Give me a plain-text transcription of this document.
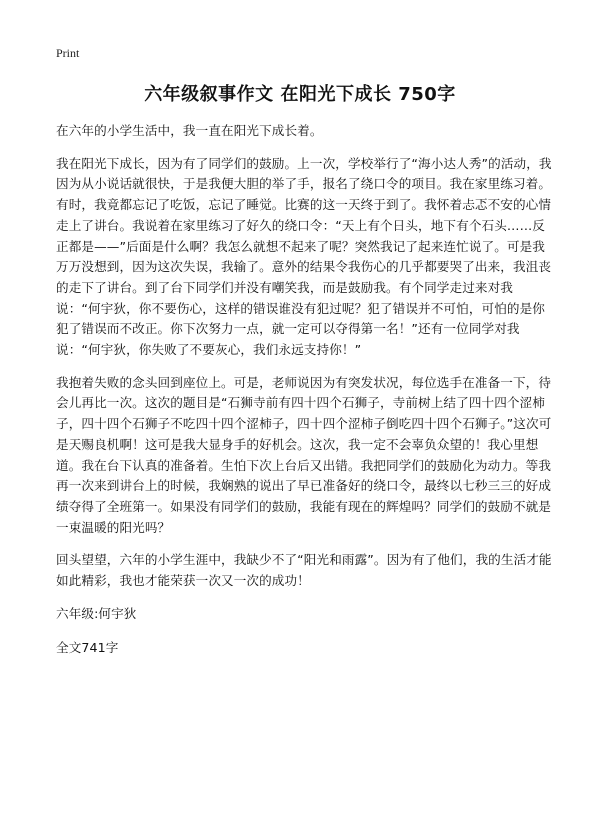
Print
六年级叙事作文 在阳光下成长 750字

在六年的小学生活中，我一直在阳光下成长着。

我在阳光下成长，因为有了同学们的鼓励。上一次，学校举行了“海小达人秀”的活动，我因为从小说话就很快，于是我便大胆的举了手，报名了绕口令的项目。我在家里练习着。有时，我竟都忘记了吃饭，忘记了睡觉。比赛的这一天终于到了。我怀着忐忑不安的心情走上了讲台。我说着在家里练习了好久的绕口令：“天上有个日头，地下有个石头……反正都是——”后面是什么啊？我怎么就想不起来了呢？突然我记了起来连忙说了。可是我万万没想到，因为这次失误，我输了。意外的结果令我伤心的几乎都要哭了出来，我沮丧的走下了讲台。到了台下同学们并没有嘲笑我，而是鼓励我。有个同学走过来对我说：“何宇狄，你不要伤心，这样的错误谁没有犯过呢？犯了错误并不可怕，可怕的是你犯了错误而不改正。你下次努力一点，就一定可以夺得第一名！”还有一位同学对我说：“何宇狄，你失败了不要灰心，我们永远支持你！”

我抱着失败的念头回到座位上。可是，老师说因为有突发状况，每位选手在准备一下，待会儿再比一次。这次的题目是“石狮寺前有四十四个石狮子，寺前树上结了四十四个涩柿子，四十四个石狮子不吃四十四个涩柿子，四十四个涩柿子倒吃四十四个石狮子。”这次可是天赐良机啊！这可是我大显身手的好机会。这次，我一定不会辜负众望的！我心里想道。我在台下认真的准备着。生怕下次上台后又出错。我把同学们的鼓励化为动力。等我再一次来到讲台上的时候，我娴熟的说出了早已准备好的绕口令，最终以七秒三三的好成绩夺得了全班第一。如果没有同学们的鼓励，我能有现在的辉煌吗？同学们的鼓励不就是一束温暖的阳光吗？

回头望望，六年的小学生涯中，我缺少不了“阳光和雨露”。因为有了他们，我的生活才能如此精彩，我也才能荣获一次又一次的成功！

六年级:何宇狄

全文741字
